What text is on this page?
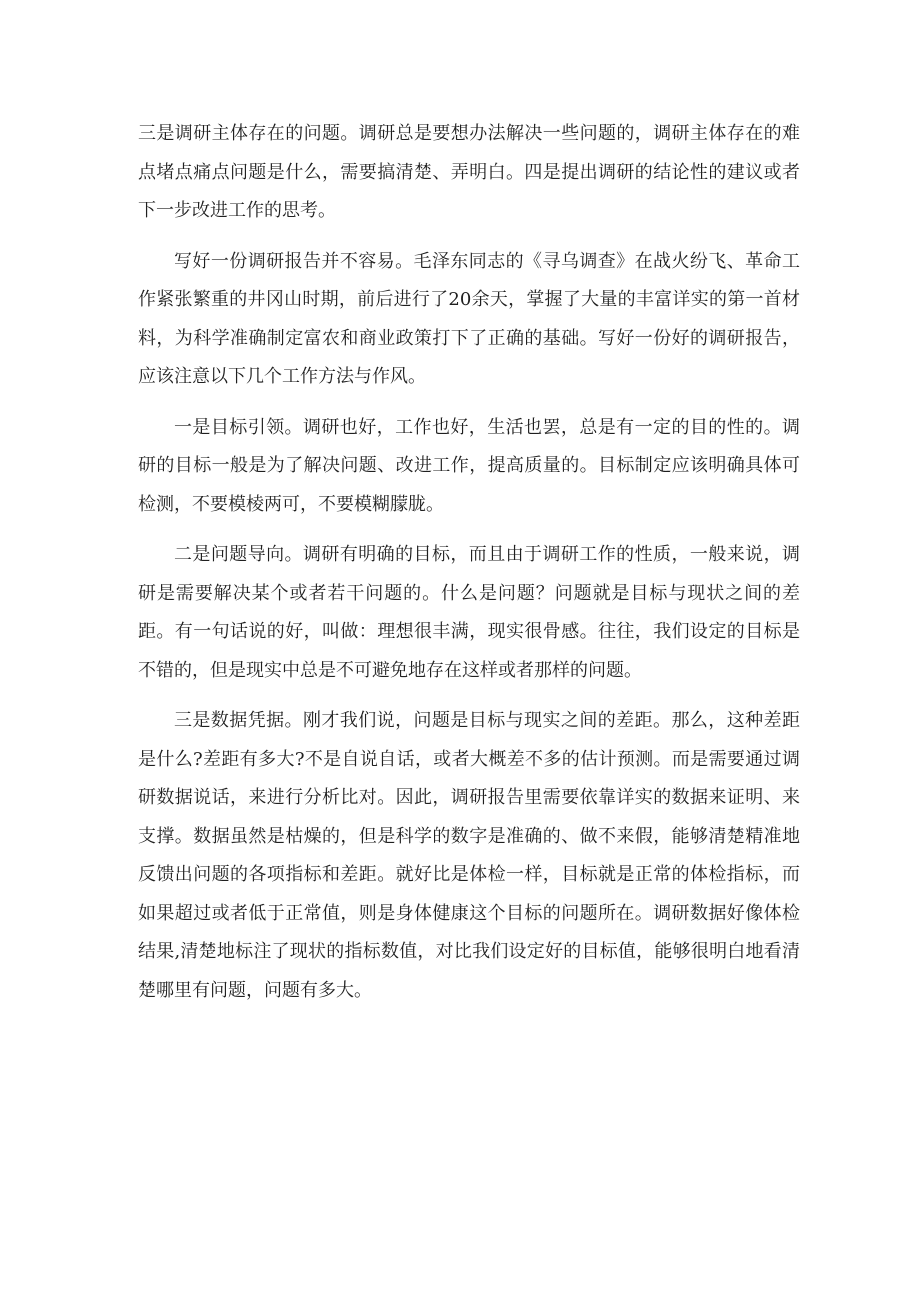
三是调研主体存在的问题。调研总是要想办法解决一些问题的，调研主体存在的难点堵点痛点问题是什么，需要搞清楚、弄明白。四是提出调研的结论性的建议或者下一步改进工作的思考。

写好一份调研报告并不容易。毛泽东同志的《寻乌调查》在战火纷飞、革命工作紧张繁重的井冈山时期，前后进行了20余天，掌握了大量的丰富详实的第一首材料，为科学准确制定富农和商业政策打下了正确的基础。写好一份好的调研报告，应该注意以下几个工作方法与作风。

一是目标引领。调研也好，工作也好，生活也罢，总是有一定的目的性的。调研的目标一般是为了解决问题、改进工作，提高质量的。目标制定应该明确具体可检测，不要模棱两可，不要模糊朦胧。

二是问题导向。调研有明确的目标，而且由于调研工作的性质，一般来说，调研是需要解决某个或者若干问题的。什么是问题？问题就是目标与现状之间的差距。有一句话说的好，叫做：理想很丰满，现实很骨感。往往，我们设定的目标是不错的，但是现实中总是不可避免地存在这样或者那样的问题。

三是数据凭据。刚才我们说，问题是目标与现实之间的差距。那么，这种差距是什么?差距有多大?不是自说自话，或者大概差不多的估计预测。而是需要通过调研数据说话，来进行分析比对。因此，调研报告里需要依靠详实的数据来证明、来支撑。数据虽然是枯燥的，但是科学的数字是准确的、做不来假，能够清楚精准地反馈出问题的各项指标和差距。就好比是体检一样，目标就是正常的体检指标，而如果超过或者低于正常值，则是身体健康这个目标的问题所在。调研数据好像体检结果,清楚地标注了现状的指标数值，对比我们设定好的目标值，能够很明白地看清楚哪里有问题，问题有多大。
